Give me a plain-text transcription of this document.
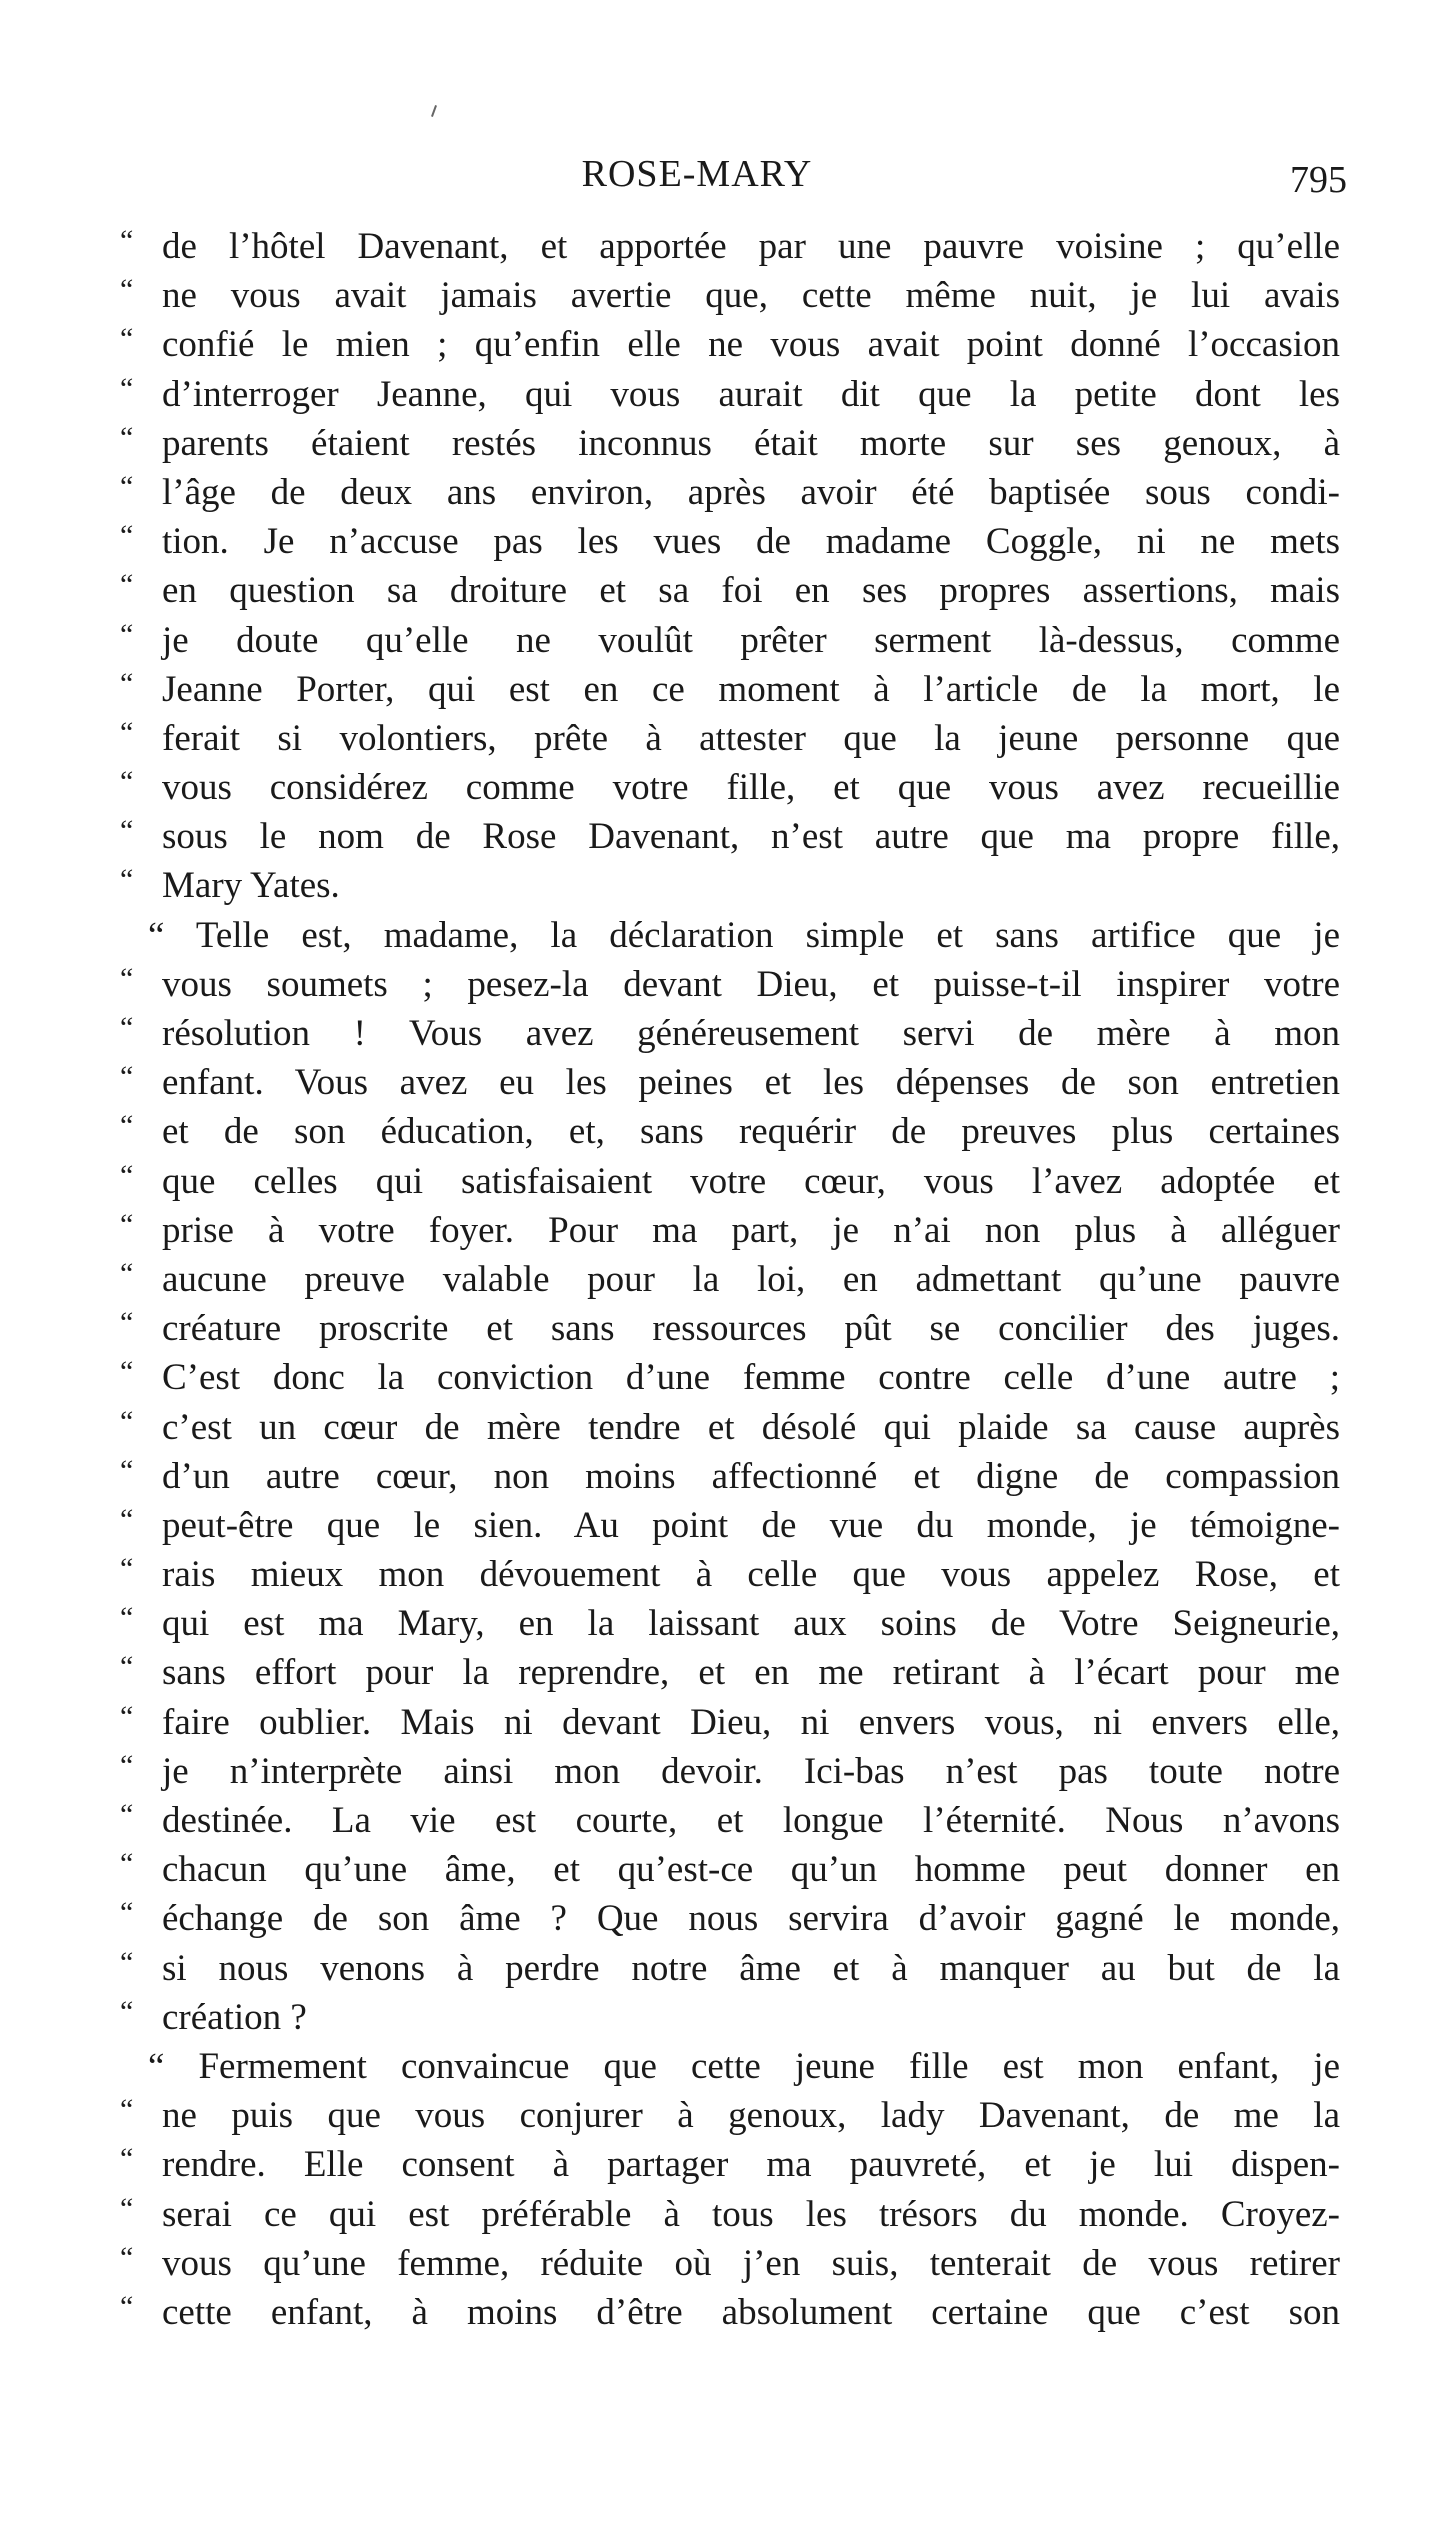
ROSE-MARY	795
“ de l’hôtel Davenant, et apportée par une pauvre voisine ; qu’elle
“ ne vous avait jamais avertie que, cette même nuit, je lui avais
“ confié le mien ; qu’enfin elle ne vous avait point donné l’occasion
“ d’interroger Jeanne, qui vous aurait dit que la petite dont les
“ parents étaient restés inconnus était morte sur ses genoux, à
“ l’âge de deux ans environ, après avoir été baptisée sous condi-
“ tion. Je n’accuse pas les vues de madame Coggle, ni ne mets
“ en question sa droiture et sa foi en ses propres assertions, mais
“ je doute qu’elle ne voulût prêter serment là-dessus, comme
“ Jeanne Porter, qui est en ce moment à l’article de la mort, le
“ ferait si volontiers, prête à attester que la jeune personne que
“ vous considérez comme votre fille, et que vous avez recueillie
“ sous le nom de Rose Davenant, n’est autre que ma propre fille,
“ Mary Yates.
“ Telle est, madame, la déclaration simple et sans artifice que je
“ vous soumets ; pesez-la devant Dieu, et puisse-t-il inspirer votre
“ résolution ! Vous avez généreusement servi de mère à mon
“ enfant. Vous avez eu les peines et les dépenses de son entretien
“ et de son éducation, et, sans requérir de preuves plus certaines
“ que celles qui satisfaisaient votre cœur, vous l’avez adoptée et
“ prise à votre foyer. Pour ma part, je n’ai non plus à alléguer
“ aucune preuve valable pour la loi, en admettant qu’une pauvre
“ créature proscrite et sans ressources pût se concilier des juges.
“ C’est donc la conviction d’une femme contre celle d’une autre ;
“ c’est un cœur de mère tendre et désolé qui plaide sa cause auprès
“ d’un autre cœur, non moins affectionné et digne de compassion
“ peut-être que le sien. Au point de vue du monde, je témoigne-
“ rais mieux mon dévouement à celle que vous appelez Rose, et
“ qui est ma Mary, en la laissant aux soins de Votre Seigneurie,
“ sans effort pour la reprendre, et en me retirant à l’écart pour me
“ faire oublier. Mais ni devant Dieu, ni envers vous, ni envers elle,
“ je n’interprète ainsi mon devoir. Ici-bas n’est pas toute notre
“ destinée. La vie est courte, et longue l’éternité. Nous n’avons
“ chacun qu’une âme, et qu’est-ce qu’un homme peut donner en
“ échange de son âme ? Que nous servira d’avoir gagné le monde,
“ si nous venons à perdre notre âme et à manquer au but de la
“ création ?
“ Fermement convaincue que cette jeune fille est mon enfant, je
“ ne puis que vous conjurer à genoux, lady Davenant, de me la
“ rendre. Elle consent à partager ma pauvreté, et je lui dispen-
“ serai ce qui est préférable à tous les trésors du monde. Croyez-
“ vous qu’une femme, réduite où j’en suis, tenterait de vous retirer
“ cette enfant, à moins d’être absolument certaine que c’est son
